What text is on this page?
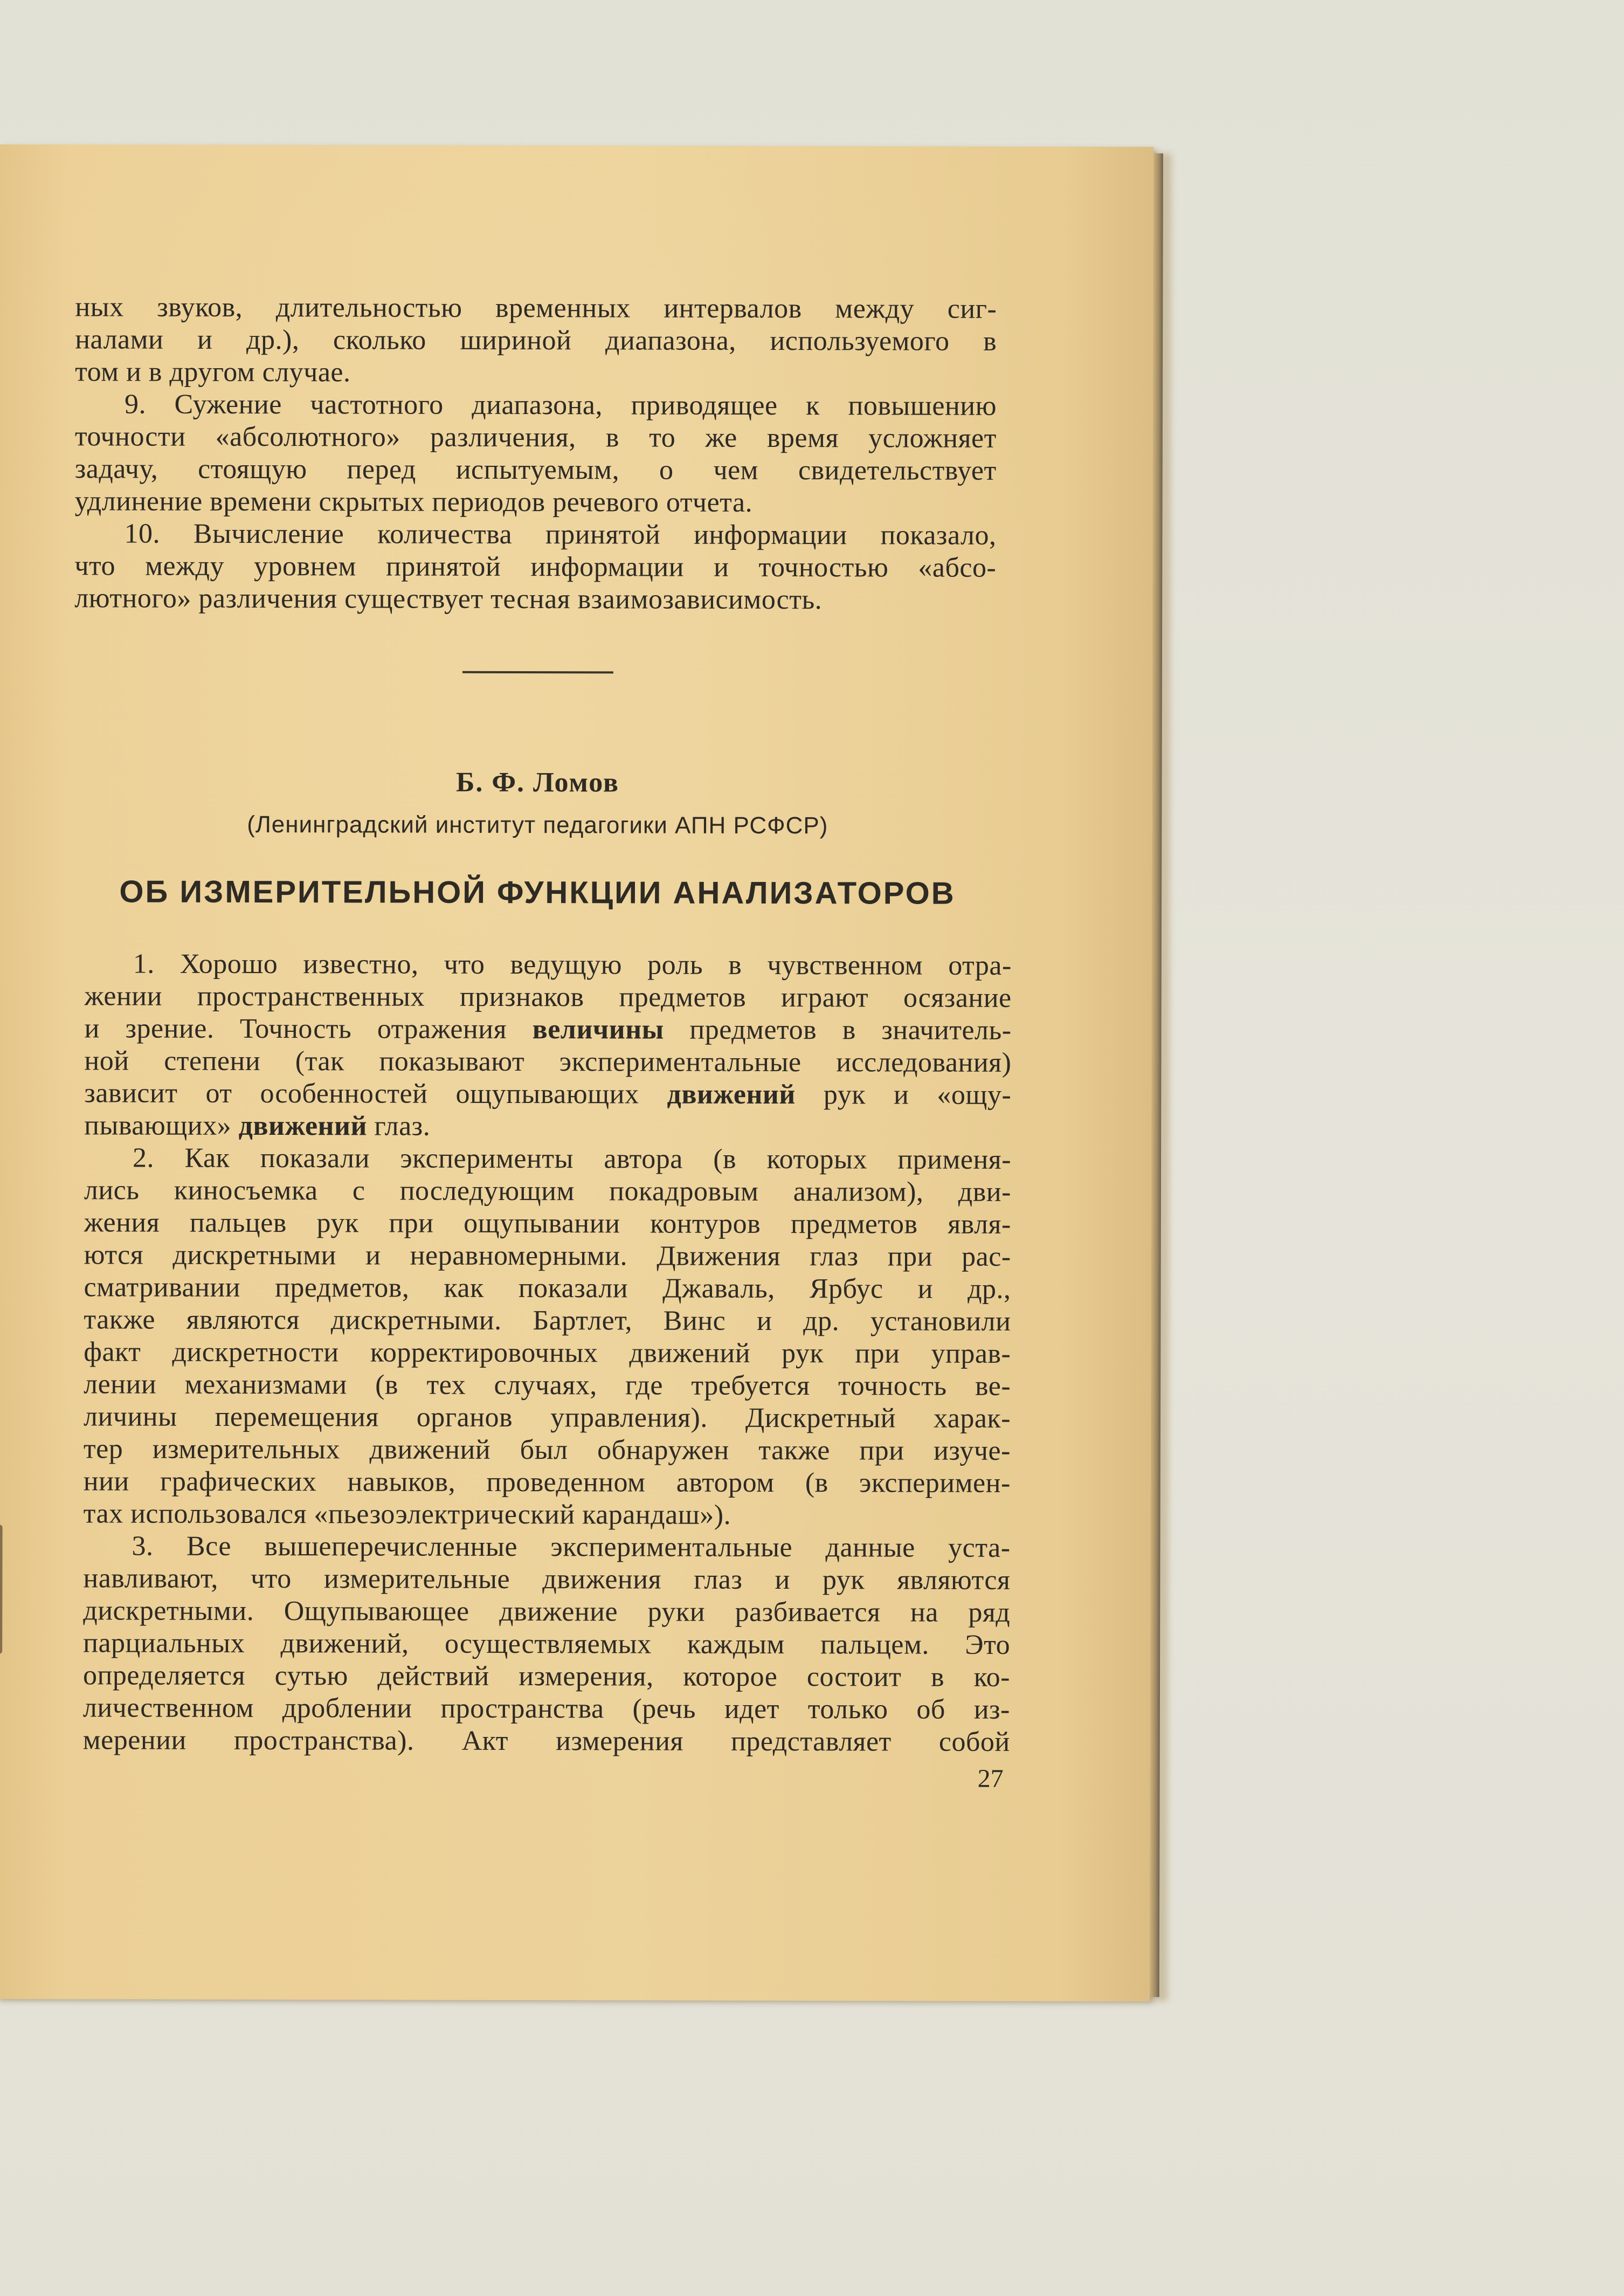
ных звуков, длительностью временных интервалов между сиг-
налами и др.), сколько шириной диапазона, используемого в
том и в другом случае.
9. Сужение частотного диапазона, приводящее к повышению
точности «абсолютного» различения, в то же время усложняет
задачу, стоящую перед испытуемым, о чем свидетельствует
удлинение времени скрытых периодов речевого отчета.
10. Вычисление количества принятой информации показало,
что между уровнем принятой информации и точностью «абсо-
лютного» различения существует тесная взаимозависимость.
Б. Ф. Ломов
(Ленинградский институт педагогики АПН РСФСР)
ОБ ИЗМЕРИТЕЛЬНОЙ ФУНКЦИИ АНАЛИЗАТОРОВ
1. Хорошо известно, что ведущую роль в чувственном отра-
жении пространственных признаков предметов играют осязание
и зрение. Точность отражения величины предметов в значитель-
ной степени (так показывают экспериментальные исследования)
зависит от особенностей ощупывающих движений рук и «ощу-
пывающих» движений глаз.
2. Как показали эксперименты автора (в которых применя-
лись киносъемка с последующим покадровым анализом), дви-
жения пальцев рук при ощупывании контуров предметов явля-
ются дискретными и неравномерными. Движения глаз при рас-
сматривании предметов, как показали Джаваль, Ярбус и др.,
также являются дискретными. Бартлет, Винс и др. установили
факт дискретности корректировочных движений рук при управ-
лении механизмами (в тех случаях, где требуется точность ве-
личины перемещения органов управления). Дискретный харак-
тер измерительных движений был обнаружен также при изуче-
нии графических навыков, проведенном автором (в эксперимен-
тах использовался «пьезоэлектрический карандаш»).
3. Все вышеперечисленные экспериментальные данные уста-
навливают, что измерительные движения глаз и рук являются
дискретными. Ощупывающее движение руки разбивается на ряд
парциальных движений, осуществляемых каждым пальцем. Это
определяется сутью действий измерения, которое состоит в ко-
личественном дроблении пространства (речь идет только об из-
мерении пространства). Акт измерения представляет собой
27
